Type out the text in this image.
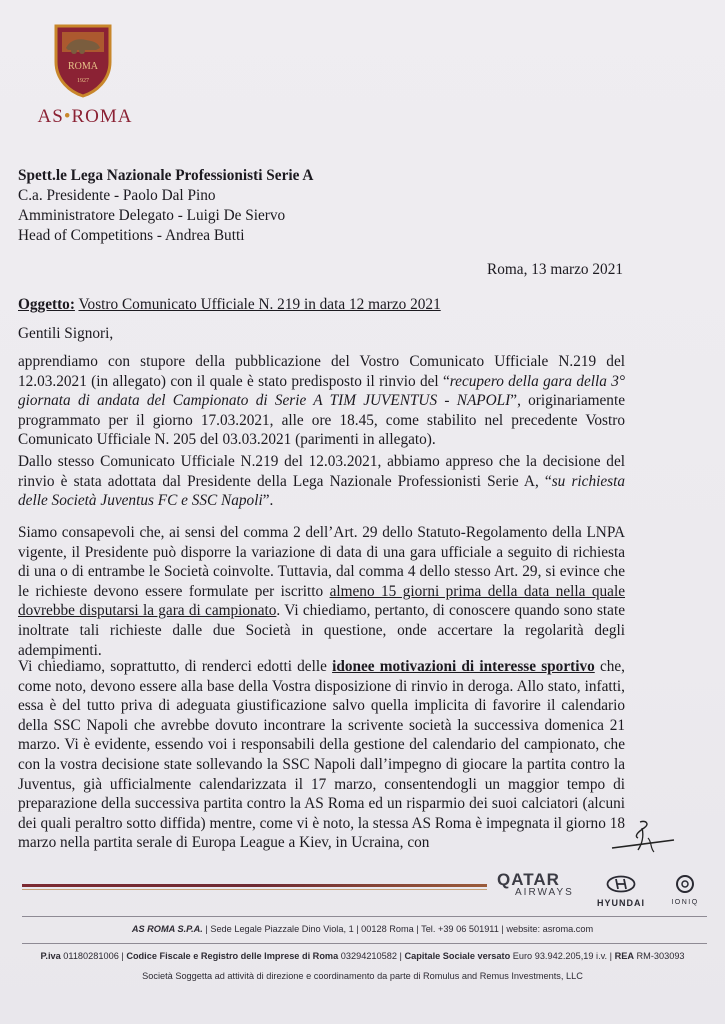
ROMA
1927
AS•ROMA
Spett.le Lega Nazionale Professionisti Serie A
C.a. Presidente - Paolo Dal Pino
Amministratore Delegato - Luigi De Siervo
Head of Competitions - Andrea Butti
Roma, 13 marzo 2021
Oggetto: Vostro Comunicato Ufficiale N. 219 in data 12 marzo 2021
Gentili Signori,
apprendiamo con stupore della pubblicazione del Vostro Comunicato Ufficiale N.219 del 12.03.2021 (in allegato) con il quale è stato predisposto il rinvio del “recupero della gara della 3° giornata di andata del Campionato di Serie A TIM JUVENTUS - NAPOLI”, originariamente programmato per il giorno 17.03.2021, alle ore 18.45, come stabilito nel precedente Vostro Comunicato Ufficiale N. 205 del 03.03.2021 (parimenti in allegato).
Dallo stesso Comunicato Ufficiale N.219 del 12.03.2021, abbiamo appreso che la decisione del rinvio è stata adottata dal Presidente della Lega Nazionale Professionisti Serie A, “su richiesta delle Società Juventus FC e SSC Napoli”.
Siamo consapevoli che, ai sensi del comma 2 dell’Art. 29 dello Statuto-Regolamento della LNPA vigente, il Presidente può disporre la variazione di data di una gara ufficiale a seguito di richiesta di una o di entrambe le Società coinvolte. Tuttavia, dal comma 4 dello stesso Art. 29, si evince che le richieste devono essere formulate per iscritto almeno 15 giorni prima della data nella quale dovrebbe disputarsi la gara di campionato. Vi chiediamo, pertanto, di conoscere quando sono state inoltrate tali richieste dalle due Società in questione, onde accertare la regolarità degli adempimenti.
Vi chiediamo, soprattutto, di renderci edotti delle idonee motivazioni di interesse sportivo che, come noto, devono essere alla base della Vostra disposizione di rinvio in deroga. Allo stato, infatti, essa è del tutto priva di adeguata giustificazione salvo quella implicita di favorire il calendario della SSC Napoli che avrebbe dovuto incontrare la scrivente società la successiva domenica 21 marzo. Vi è evidente, essendo voi i responsabili della gestione del calendario del campionato, che con la vostra decisione state sollevando la SSC Napoli dall’impegno di giocare la partita contro la Juventus, già ufficialmente calendarizzata il 17 marzo, consentendogli un maggior tempo di preparazione della successiva partita contro la AS Roma ed un risparmio dei suoi calciatori (alcuni dei quali peraltro sotto diffida) mentre, come vi è noto, la stessa AS Roma è impegnata il giorno 18 marzo nella partita serale di Europa League a Kiev, in Ucraina, con
QATAR
AIRWAYS
HYUNDAI	IONIQ
AS ROMA S.P.A. | Sede Legale Piazzale Dino Viola, 1 | 00128 Roma | Tel. +39 06 501911 | website: asroma.com
P.iva 01180281006 | Codice Fiscale e Registro delle Imprese di Roma 03294210582 | Capitale Sociale versato Euro 93.942.205,19 i.v. | REA RM-303093
Società Soggetta ad attività di direzione e coordinamento da parte di Romulus and Remus Investments, LLC
